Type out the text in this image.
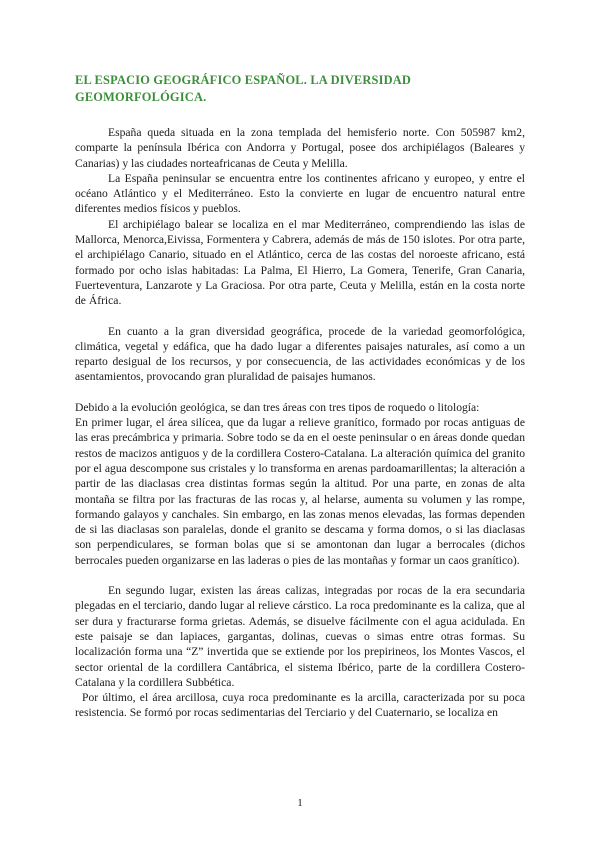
EL ESPACIO GEOGRÁFICO ESPAÑOL. LA DIVERSIDAD GEOMORFOLÓGICA.

España queda situada en la zona templada del hemisferio norte. Con 505987 km2, comparte la península Ibérica con Andorra y Portugal, posee dos archipiélagos (Baleares y Canarias) y las ciudades norteafricanas de Ceuta y Melilla.

La España peninsular se encuentra entre los continentes africano y europeo, y entre el océano Atlántico y el Mediterráneo. Esto la convierte en lugar de encuentro natural entre diferentes medios físicos y pueblos.

El archipiélago balear se localiza en el mar Mediterráneo, comprendiendo las islas de Mallorca, Menorca,Eivissa, Formentera y Cabrera, además de más de 150 islotes. Por otra parte, el archipiélago Canario, situado en el Atlántico, cerca de las costas del noroeste africano, está formado por ocho islas habitadas: La Palma, El Hierro, La Gomera, Tenerife, Gran Canaria, Fuerteventura, Lanzarote y La Graciosa. Por otra parte, Ceuta y Melilla, están en la costa norte de África.

En cuanto a la gran diversidad geográfica, procede de la variedad geomorfológica, climática, vegetal y edáfica, que ha dado lugar a diferentes paisajes naturales, así como a un reparto desigual de los recursos, y por consecuencia, de las actividades económicas y de los asentamientos, provocando gran pluralidad de paisajes humanos.

Debido a la evolución geológica, se dan tres áreas con tres tipos de roquedo o litología:

En primer lugar, el área silícea, que da lugar a relieve granítico, formado por rocas antiguas de las eras precámbrica y primaria. Sobre todo se da en el oeste peninsular o en áreas donde quedan restos de macizos antiguos y de la cordillera Costero-Catalana. La alteración química del granito por el agua descompone sus cristales y lo transforma en arenas pardoamarillentas; la alteración a partir de las diaclasas crea distintas formas según la altitud. Por una parte, en zonas de alta montaña se filtra por las fracturas de las rocas y, al helarse, aumenta su volumen y las rompe, formando galayos y canchales. Sin embargo, en las zonas menos elevadas, las formas dependen de si las diaclasas son paralelas, donde el granito se descama y forma domos, o si las diaclasas son perpendiculares, se forman bolas que si se amontonan dan lugar a berrocales (dichos berrocales pueden organizarse en las laderas o pies de las montañas y formar un caos granítico).

En segundo lugar, existen las áreas calizas, integradas por rocas de la era secundaria plegadas en el terciario, dando lugar al relieve cárstico. La roca predominante es la caliza, que al ser dura y fracturarse forma grietas. Además, se disuelve fácilmente con el agua acidulada. En este paisaje se dan lapiaces, gargantas, dolinas, cuevas o simas entre otras formas. Su localización forma una “Z” invertida que se extiende por los prepirineos, los Montes Vascos, el sector oriental de la cordillera Cantábrica, el sistema Ibérico, parte de la cordillera Costero-Catalana y la cordillera Subbética.

Por último, el área arcillosa, cuya roca predominante es la arcilla, caracterizada por su poca resistencia. Se formó por rocas sedimentarias del Terciario y del Cuaternario, se localiza en

1
